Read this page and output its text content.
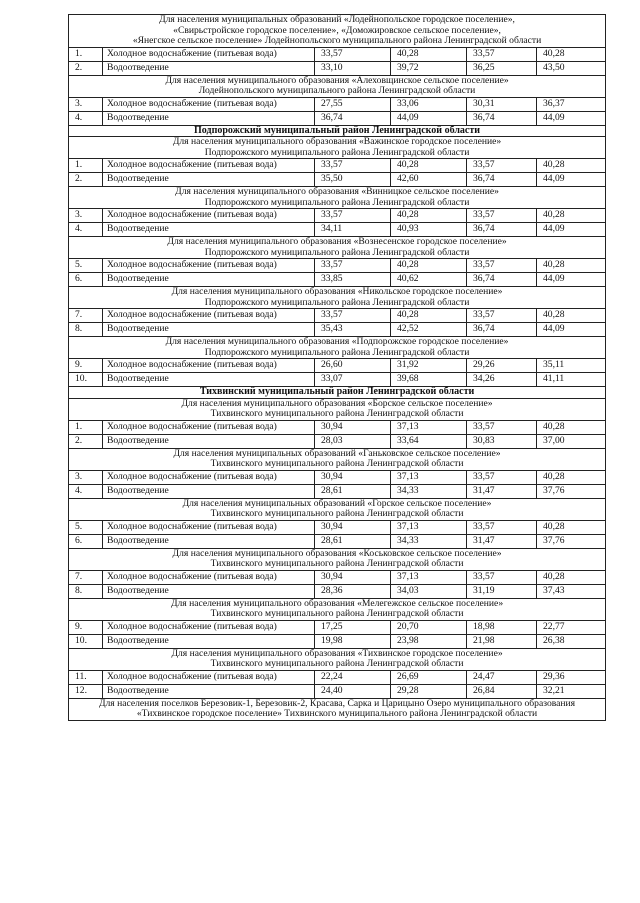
Для населения муниципальных образований «Лодейнопольское городское поселение»,
«Свирьстройское городское поселение», «Доможировское сельское поселение»,
«Янегское сельское поселение» Лодейнопольского муниципального района Ленинградской области					

1.	Холодное водоснабжение (питьевая вода)	33,57	40,28	33,57	40,28
2.	Водоотведение	33,10	39,72	36,25	43,50

Для населения муниципального образования «Алеховщинское сельское поселение»
Лодейнопольского муниципального района Ленинградской области					

3.	Холодное водоснабжение (питьевая вода)	27,55	33,06	30,31	36,37
4.	Водоотведение	36,74	44,09	36,74	44,09

Подпорожский муниципальный район Ленинградской области					

Для населения муниципального образования «Важинское городское поселение»
Подпорожского муниципального района Ленинградской области					

1.	Холодное водоснабжение (питьевая вода)	33,57	40,28	33,57	40,28
2.	Водоотведение	35,50	42,60	36,74	44,09

Для населения муниципального образования «Винницкое сельское поселение»
Подпорожского муниципального района Ленинградской области					

3.	Холодное водоснабжение (питьевая вода)	33,57	40,28	33,57	40,28
4.	Водоотведение	34,11	40,93	36,74	44,09

Для населения муниципального образования «Вознесенское городское поселение»
Подпорожского муниципального района Ленинградской области					

5.	Холодное водоснабжение (питьевая вода)	33,57	40,28	33,57	40,28
6.	Водоотведение	33,85	40,62	36,74	44,09

Для населения муниципального образования «Никольское городское поселение»
Подпорожского муниципального района Ленинградской области					

7.	Холодное водоснабжение (питьевая вода)	33,57	40,28	33,57	40,28
8.	Водоотведение	35,43	42,52	36,74	44,09

Для населения муниципального образования «Подпорожское городское поселение»
Подпорожского муниципального района Ленинградской области					

9.	Холодное водоснабжение (питьевая вода)	26,60	31,92	29,26	35,11
10.	Водоотведение	33,07	39,68	34,26	41,11

Тихвинский муниципальный район Ленинградской области					

Для населения муниципального образования «Борское сельское поселение»
Тихвинского муниципального района Ленинградской области					

1.	Холодное водоснабжение (питьевая вода)	30,94	37,13	33,57	40,28
2.	Водоотведение	28,03	33,64	30,83	37,00

Для населения муниципальных образований «Ганьковское сельское поселение»
Тихвинского муниципального района Ленинградской области					

3.	Холодное водоснабжение (питьевая вода)	30,94	37,13	33,57	40,28
4.	Водоотведение	28,61	34,33	31,47	37,76

Для населения муниципальных образований «Горское сельское поселение»
Тихвинского муниципального района Ленинградской области					

5.	Холодное водоснабжение (питьевая вода)	30,94	37,13	33,57	40,28
6.	Водоотведение	28,61	34,33	31,47	37,76

Для населения муниципального образования «Коськовское сельское поселение»
Тихвинского муниципального района Ленинградской области					

7.	Холодное водоснабжение (питьевая вода)	30,94	37,13	33,57	40,28
8.	Водоотведение	28,36	34,03	31,19	37,43

Для населения муниципального образования «Мелегежское сельское поселение»
Тихвинского муниципального района Ленинградской области					

9.	Холодное водоснабжение (питьевая вода)	17,25	20,70	18,98	22,77
10.	Водоотведение	19,98	23,98	21,98	26,38

Для населения муниципального образования «Тихвинское городское поселение»
Тихвинского муниципального района Ленинградской области					

11.	Холодное водоснабжение (питьевая вода)	22,24	26,69	24,47	29,36
12.	Водоотведение	24,40	29,28	26,84	32,21

Для населения поселков Березовик-1, Березовик-2, Красава, Сарка и Царицыно Озеро муниципального образования
«Тихвинское городское поселение» Тихвинского муниципального района Ленинградской области					
